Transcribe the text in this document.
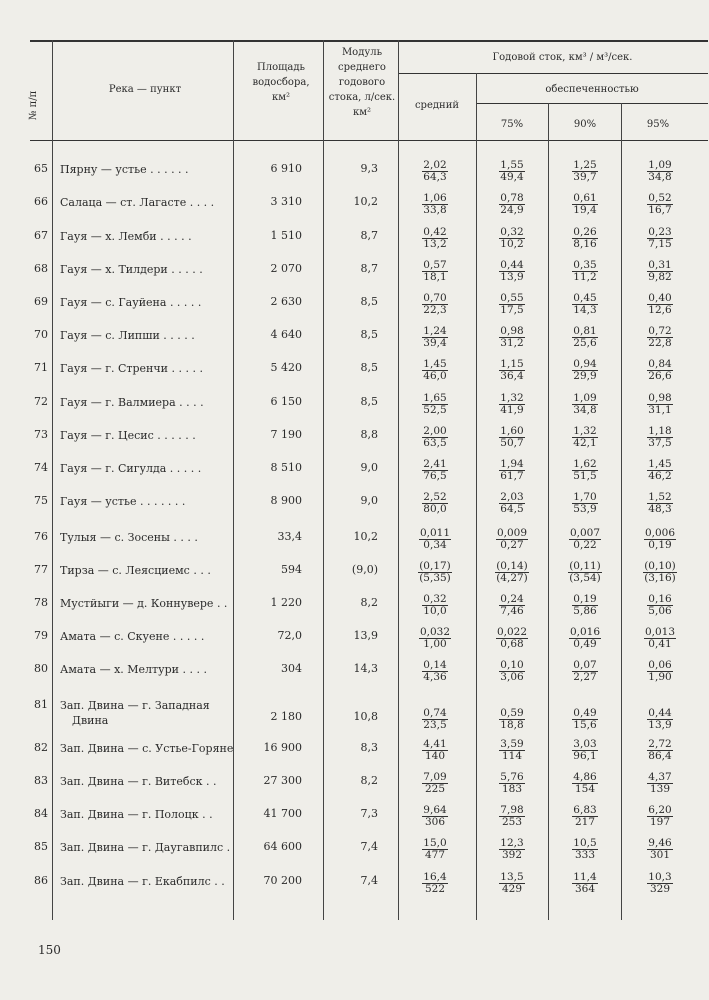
№ п/п
Река — пункт
Площадь водосбора, км²
Модуль среднего годового стока, л/сек. км²
Годовой сток, км³ / м³/сек.
средний
обеспеченностью
75%	90%	95%
65	Пярну — устье . . . . . .	6 910	9,3	$\frac{2,02}{64,3} \frac{1,55}{49,4} \frac{1,25}{39,7} \frac{1,09}{34,8}$
66	Салаца — ст. Лагасте . . . .	3 310	10,2	$\frac{1,06}{33,8} \frac{0,78}{24,9} \frac{0,61}{19,4} \frac{0,52}{16,7}$
67	Гауя — х. Лемби . . . . .	1 510	8,7	$\frac{0,42}{13,2} \frac{0,32}{10,2} \frac{0,26}{8,16} \frac{0,23}{7,15}$
68	Гауя — х. Тилдери . . . . .	2 070	8,7	$\frac{0,57}{18,1} \frac{0,44}{13,9} \frac{0,35}{11,2} \frac{0,31}{9,82}$
69	Гауя — с. Гауйена . . . . .	2 630	8,5	$\frac{0,70}{22,3} \frac{0,55}{17,5} \frac{0,45}{14,3} \frac{0,40}{12,6}$
70	Гауя — с. Липши . . . . .	4 640	8,5	$\frac{1,24}{39,4} \frac{0,98}{31,2} \frac{0,81}{25,6} \frac{0,72}{22,8}$
71	Гауя — г. Стренчи . . . . .	5 420	8,5	$\frac{1,45}{46,0} \frac{1,15}{36,4} \frac{0,94}{29,9} \frac{0,84}{26,6}$
72	Гауя — г. Валмиера . . . .	6 150	8,5	$\frac{1,65}{52,5} \frac{1,32}{41,9} \frac{1,09}{34,8} \frac{0,98}{31,1}$
73	Гауя — г. Цесис . . . . . .	7 190	8,8	$\frac{2,00}{63,5} \frac{1,60}{50,7} \frac{1,32}{42,1} \frac{1,18}{37,5}$
74	Гауя — г. Сигулда . . . . .	8 510	9,0	$\frac{2,41}{76,5} \frac{1,94}{61,7} \frac{1,62}{51,5} \frac{1,45}{46,2}$
75	Гауя — устье . . . . . . .	8 900	9,0	$\frac{2,52}{80,0} \frac{2,03}{64,5} \frac{1,70}{53,9} \frac{1,52}{48,3}$
76	Тулыя — с. Зосены . . . .	33,4	10,2	$\frac{0,011}{0,34} \frac{0,009}{0,27} \frac{0,007}{0,22} \frac{0,006}{0,19}$
77	Тирза — с. Леясциемс . . .	594	(9,0)	$\frac{(0,17)}{(5,35)} \frac{(0,14)}{(4,27)} \frac{(0,11)}{(3,54)} \frac{(0,10)}{(3,16)}$
78	Мустйыги — д. Коннувере . .	1 220	8,2	$\frac{0,32}{10,0} \frac{0,24}{7,46} \frac{0,19}{5,86} \frac{0,16}{5,06}$
79	Амата — с. Скуене . . . . .	72,0	13,9	$\frac{0,032}{1,00} \frac{0,022}{0,68} \frac{0,016}{0,49} \frac{0,013}{0,41}$
80	Амата — х. Мелтури . . . .	304	14,3	$\frac{0,14}{4,36} \frac{0,10}{3,06} \frac{0,07}{2,27} \frac{0,06}{1,90}$
81	Зап. Двина — г. Западная
Двина	2 180	10,8	$\frac{0,74}{23,5} \frac{0,59}{18,8} \frac{0,49}{15,6} \frac{0,44}{13,9}$
82	Зап. Двина — с. Устье-Горяне	16 900	8,3	$\frac{4,41}{140} \frac{3,59}{114} \frac{3,03}{96,1} \frac{2,72}{86,4}$
83	Зап. Двина — г. Витебск . .	27 300	8,2	$\frac{7,09}{225} \frac{5,76}{183} \frac{4,86}{154} \frac{4,37}{139}$
84	Зап. Двина — г. Полоцк . .	41 700	7,3	$\frac{9,64}{306} \frac{7,98}{253} \frac{6,83}{217} \frac{6,20}{197}$
85	Зап. Двина — г. Даугавпилс .	64 600	7,4	$\frac{15,0}{477} \frac{12,3}{392} \frac{10,5}{333} \frac{9,46}{301}$
86	Зап. Двина — г. Екабпилс . .	70 200	7,4	$\frac{16,4}{522} \frac{13,5}{429} \frac{11,4}{364} \frac{10,3}{329}$
150
